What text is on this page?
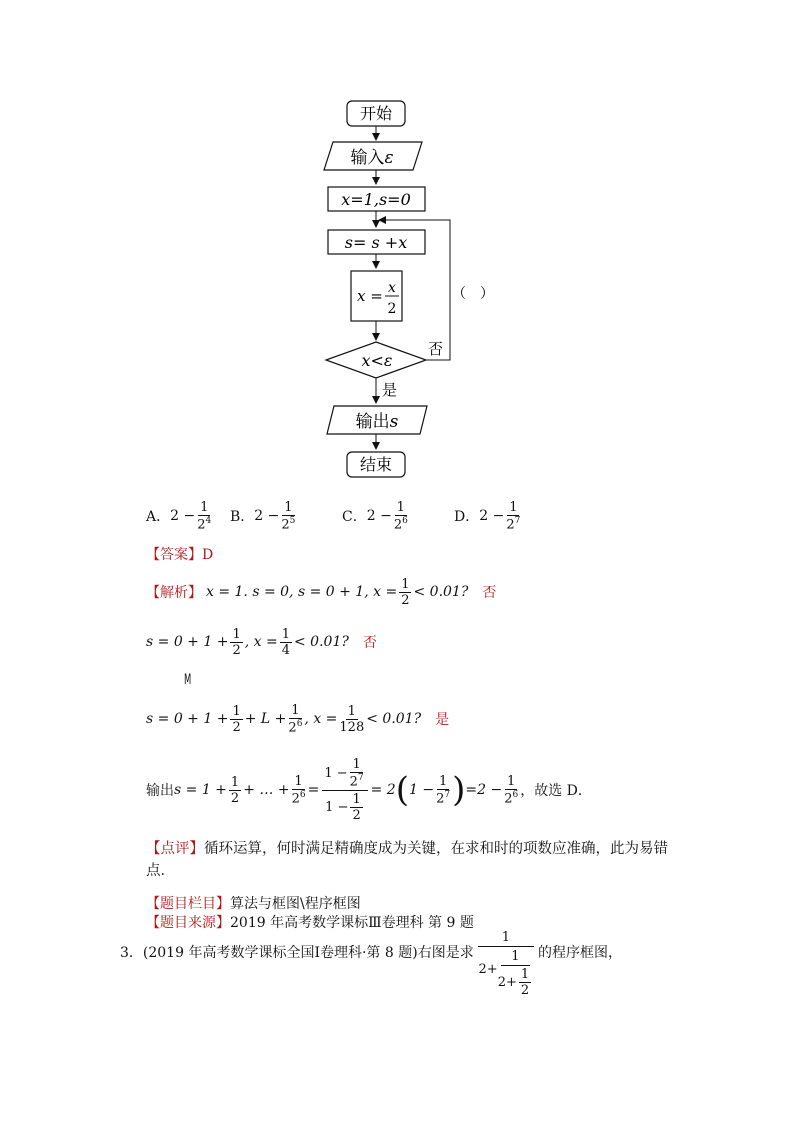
开始
输入ε
x=1,s=0
s= s +x
x = x
2
x<ε
否
是
输出s
结束
（　）
A． $2 - \frac{1}{2^4}$ B． $2 - \frac{1}{2^5}$	C． $2 - \frac{1}{2^6}$	D． $2 - \frac{1}{2^7}$
【答案】D
【解析】 x = 1. s = 0, s = 0 + 1, $x = \frac{1}{2} < 0.01$? 否
$s = 0 + 1 + \frac{1}{2}$ , $x = \frac{1}{4} < 0.01$? 否
M
$s = 0 + 1 + \frac{1}{2} + L + \frac{1}{2^6}$ , $x = \frac{1}{128} < 0.01$? 是
输出 $s = 1 + \frac{1}{2}$ + … + $\frac{1}{2^6} = \frac{1 - \frac{1}{2^7}}{1 - \frac{1}{2}} = 2$ ( $1 - \frac{1}{2^7}$ ) $=2 - \frac{1}{2^6}$ ，故选 D．
【点评】循环运算，何时满足精确度成为关键，在求和时的项数应准确，此为易错
点．
【题目栏目】算法与框图\程序框图
【题目来源】2019 年高考数学课标Ⅲ卷理科 第 9 题
3．(2019 年高考数学课标全国Ⅰ卷理科·第 8 题)右图是求
1
$2+ \frac{1}{2+ \frac{1}{2}}$ 的程序框图，
